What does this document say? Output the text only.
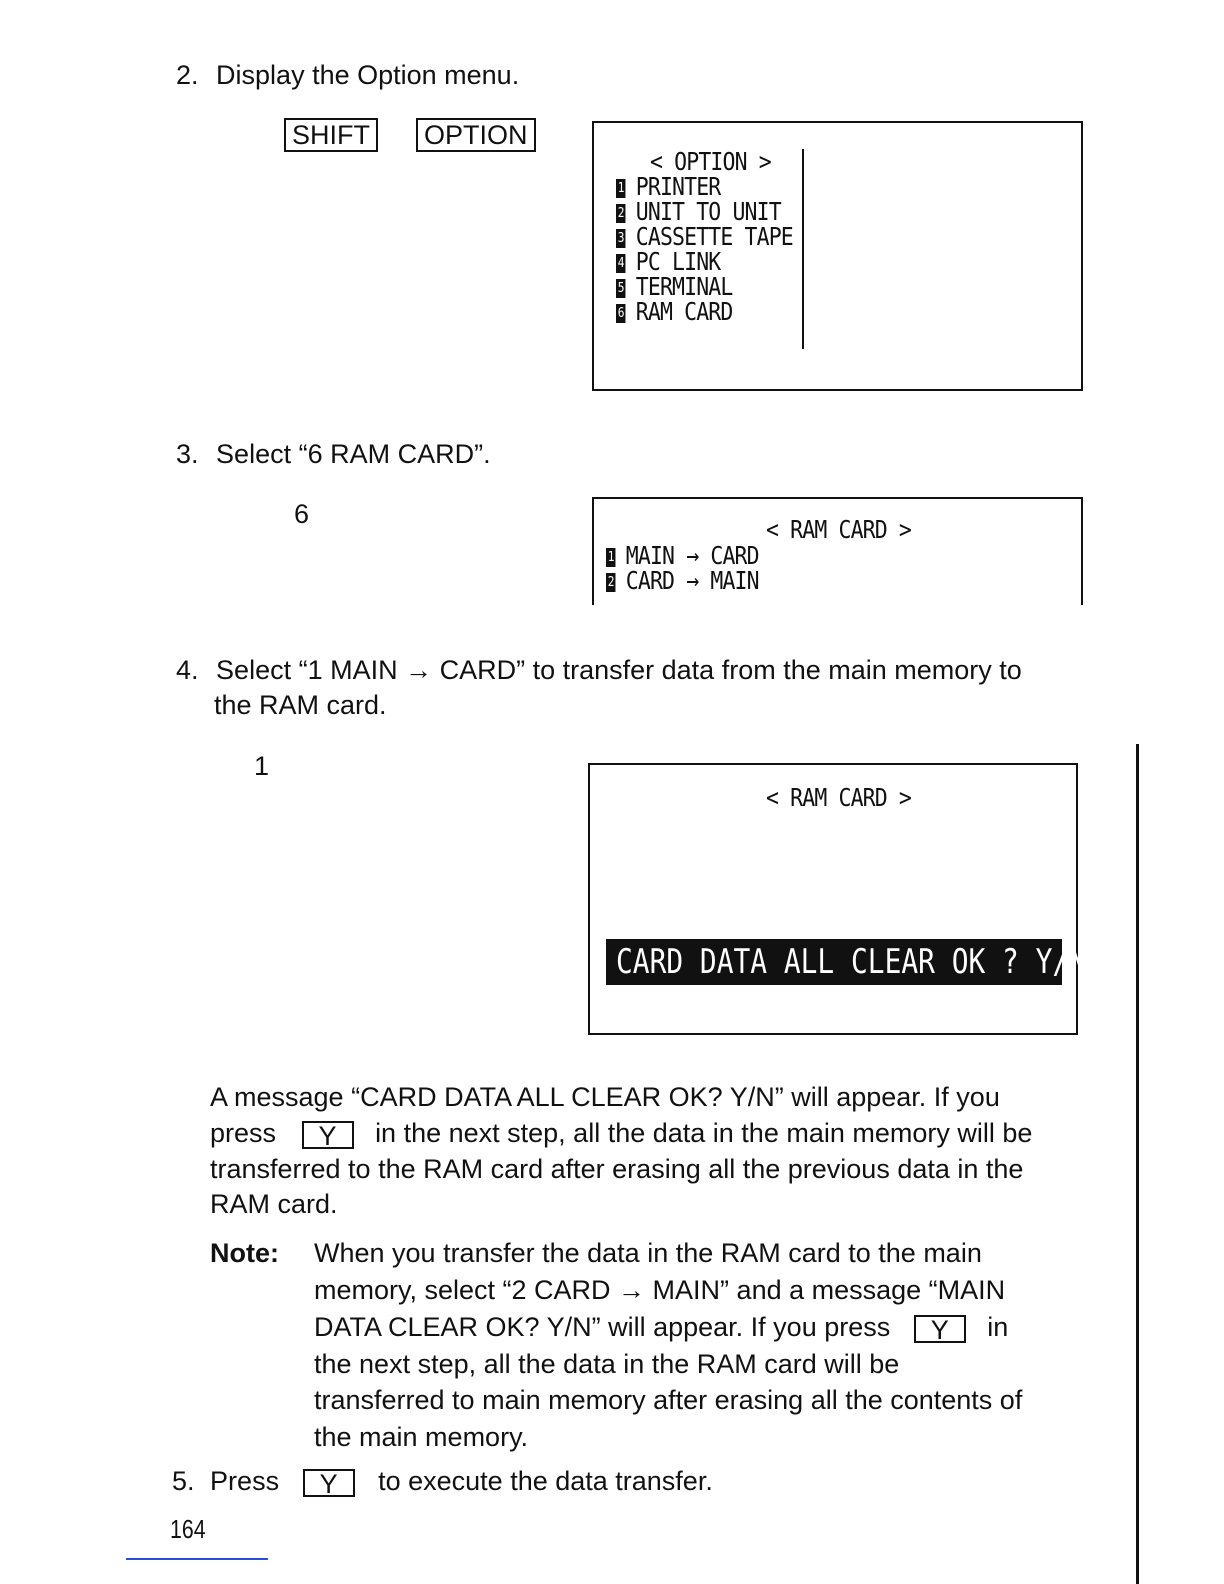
2. Display the Option menu.
SHIFT OPTION
< OPTION >
1 PRINTER
2 UNIT TO UNIT
3 CASSETTE TAPE
4 PC LINK
5 TERMINAL
6 RAM CARD
3. Select “6 RAM CARD”.
6
< RAM CARD >
1 MAIN → CARD
2 CARD → MAIN
4. Select “1 MAIN → CARD” to transfer data from the main memory to
the RAM card.
1
< RAM CARD >
CARD DATA ALL CLEAR OK ? Y/N
A message “CARD DATA ALL CLEAR OK? Y/N” will appear. If you
press Y in the next step, all the data in the main memory will be
transferred to the RAM card after erasing all the previous data in the
RAM card.
Note: When you transfer the data in the RAM card to the main
memory, select “2 CARD → MAIN” and a message “MAIN
DATA CLEAR OK? Y/N” will appear. If you press Y in
the next step, all the data in the RAM card will be
transferred to main memory after erasing all the contents of
the main memory.
5. Press Y to execute the data transfer.
164
